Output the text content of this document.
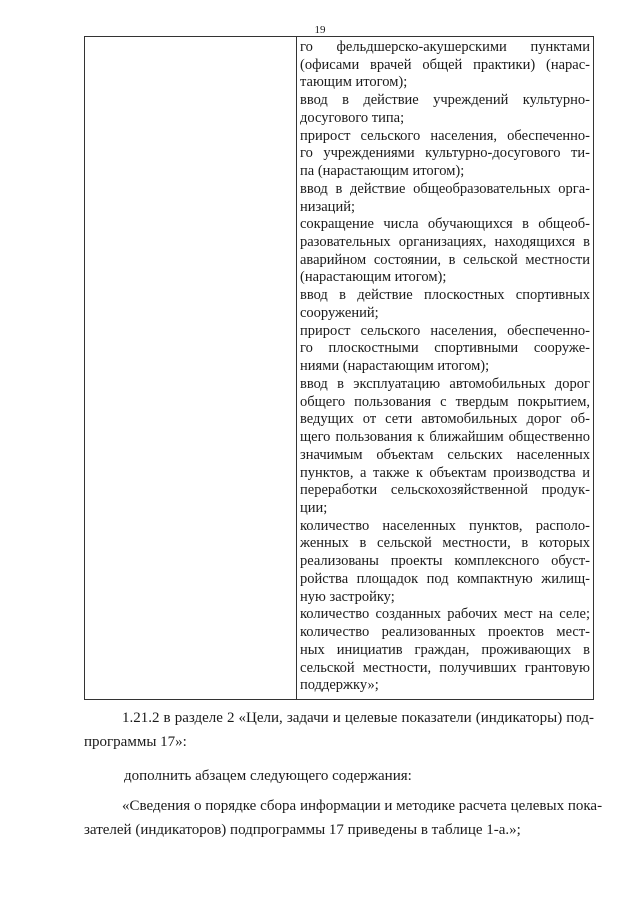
19
го фельдшерско-акушерскими пунктами
(офисами врачей общей практики) (нарас-
тающим итогом);
ввод в действие учреждений культурно-
досугового типа;
прирост сельского населения, обеспеченно-
го учреждениями культурно-досугового ти-
па (нарастающим итогом);
ввод в действие общеобразовательных орга-
низаций;
сокращение числа обучающихся в общеоб-
разовательных организациях, находящихся в
аварийном состоянии, в сельской местности
(нарастающим итогом);
ввод в действие плоскостных спортивных
сооружений;
прирост сельского населения, обеспеченно-
го плоскостными спортивными сооруже-
ниями (нарастающим итогом);
ввод в эксплуатацию автомобильных дорог
общего пользования с твердым покрытием,
ведущих от сети автомобильных дорог об-
щего пользования к ближайшим общественно
значимым объектам сельских населенных
пунктов, а также к объектам производства и
переработки сельскохозяйственной продук-
ции;
количество населенных пунктов, располо-
женных в сельской местности, в которых
реализованы проекты комплексного обуст-
ройства площадок под компактную жилищ-
ную застройку;
количество созданных рабочих мест на селе;
количество реализованных проектов мест-
ных инициатив граждан, проживающих в
сельской местности, получивших грантовую
поддержку»;
1.21.2 в разделе 2 «Цели, задачи и целевые показатели (индикаторы) под-
программы 17»:
дополнить абзацем следующего содержания:
«Сведения о порядке сбора информации и методике расчета целевых пока-
зателей (индикаторов) подпрограммы 17 приведены в таблице 1-а.»;
